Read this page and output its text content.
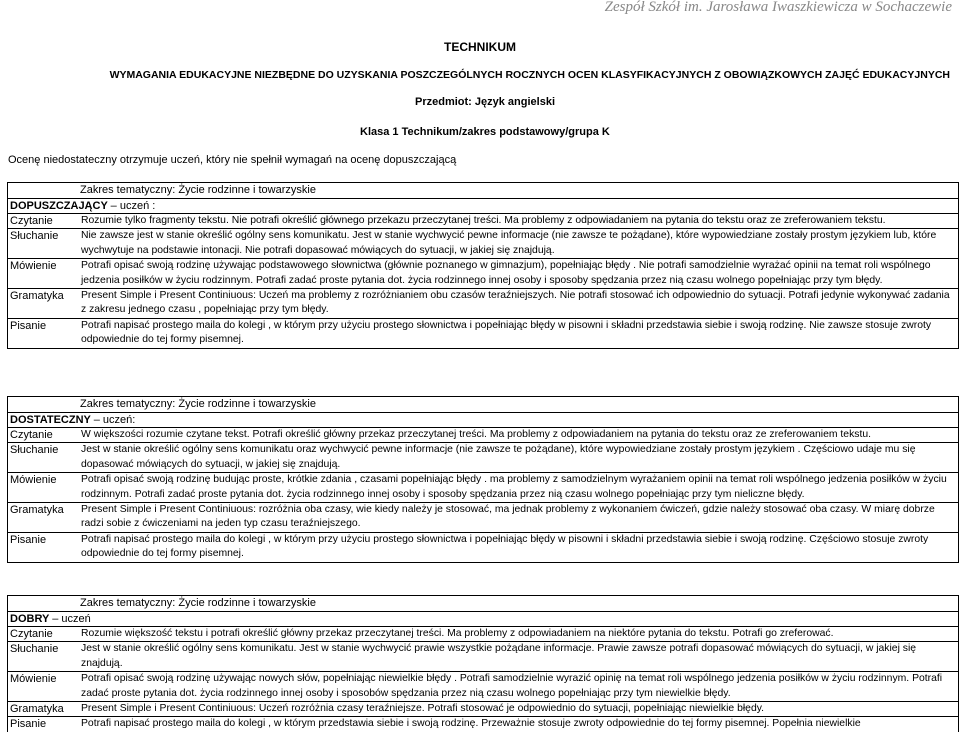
Zespół Szkół im. Jarosława Iwaszkiewicza w Sochaczewie
TECHNIKUM
WYMAGANIA EDUKACYJNE NIEZBĘDNE DO UZYSKANIA POSZCZEGÓLNYCH ROCZNYCH OCEN KLASYFIKACYJNYCH Z OBOWIĄZKOWYCH ZAJĘĆ EDUKACYJNYCH
Przedmiot: Język angielski
Klasa 1 Technikum/zakres podstawowy/grupa K
Ocenę niedostateczny otrzymuje uczeń, który nie spełnił wymagań na ocenę dopuszczającą
Zakres tematyczny: Życie rodzinne i towarzyskie
DOPUSZCZAJĄCY – uczeń :
Czytanie	Rozumie tylko fragmenty tekstu. Nie potrafi określić głównego przekazu przeczytanej treści. Ma problemy z odpowiadaniem na pytania do tekstu oraz ze zreferowaniem tekstu.
Słuchanie	Nie zawsze jest w stanie określić ogólny sens komunikatu. Jest w stanie wychwycić pewne informacje (nie zawsze te pożądane), które wypowiedziane zostały prostym językiem lub, które wychwytuje na podstawie intonacji. Nie potrafi dopasować mówiących do sytuacji, w jakiej się znajdują.
Mówienie	Potrafi opisać swoją rodzinę używając podstawowego słownictwa (głównie poznanego w gimnazjum), popełniając błędy . Nie potrafi samodzielnie wyrażać opinii na temat roli wspólnego jedzenia posiłków w życiu rodzinnym. Potrafi zadać proste pytania dot. życia rodzinnego innej osoby i sposoby spędzania przez nią czasu wolnego popełniając przy tym błędy.
Gramatyka	Present Simple i Present Continiuous: Uczeń ma problemy z rozróżnianiem obu czasów teraźniejszych. Nie potrafi stosować ich odpowiednio do sytuacji. Potrafi jedynie wykonywać zadania z zakresu jednego czasu , popełniając przy tym błędy.
Pisanie	Potrafi napisać prostego maila do kolegi , w którym przy użyciu prostego słownictwa i popełniając błędy w pisowni i składni przedstawia siebie i swoją rodzinę. Nie zawsze stosuje zwroty odpowiednie do tej formy pisemnej.
Zakres tematyczny: Życie rodzinne i towarzyskie
DOSTATECZNY – uczeń:
Czytanie	W większości rozumie czytane tekst. Potrafi określić główny przekaz przeczytanej treści. Ma problemy z odpowiadaniem na pytania do tekstu oraz ze zreferowaniem tekstu.
Słuchanie	Jest w stanie określić ogólny sens komunikatu oraz wychwycić pewne informacje (nie zawsze te pożądane), które wypowiedziane zostały prostym językiem . Częściowo udaje mu się dopasować mówiących do sytuacji, w jakiej się znajdują.
Mówienie	Potrafi opisać swoją rodzinę budując proste, krótkie zdania , czasami popełniając błędy . ma problemy z samodzielnym wyrażaniem opinii na temat roli wspólnego jedzenia posiłków w życiu rodzinnym. Potrafi zadać proste pytania dot. życia rodzinnego innej osoby i sposoby spędzania przez nią czasu wolnego popełniając przy tym nieliczne błędy.
Gramatyka	Present Simple i Present Continiuous: rozróżnia oba czasy, wie kiedy należy je stosować, ma jednak problemy z wykonaniem ćwiczeń, gdzie należy stosować oba czasy. W miarę dobrze radzi sobie z ćwiczeniami na jeden typ czasu teraźniejszego.
Pisanie	Potrafi napisać prostego maila do kolegi , w którym przy użyciu prostego słownictwa i popełniając błędy w pisowni i składni przedstawia siebie i swoją rodzinę. Częściowo stosuje zwroty odpowiednie do tej formy pisemnej.
Zakres tematyczny: Życie rodzinne i towarzyskie
DOBRY – uczeń
Czytanie	Rozumie większość tekstu i potrafi określić główny przekaz przeczytanej treści. Ma problemy z odpowiadaniem na niektóre pytania do tekstu. Potrafi go zreferować.
Słuchanie	Jest w stanie określić ogólny sens komunikatu. Jest w stanie wychwycić prawie wszystkie pożądane informacje. Prawie zawsze potrafi dopasować mówiących do sytuacji, w jakiej się znajdują.
Mówienie	Potrafi opisać swoją rodzinę używając nowych słów, popełniając niewielkie błędy . Potrafi samodzielnie wyrazić opinię na temat roli wspólnego jedzenia posiłków w życiu rodzinnym. Potrafi zadać proste pytania dot. życia rodzinnego innej osoby i sposobów spędzania przez nią czasu wolnego popełniając przy tym niewielkie błędy.
Gramatyka	Present Simple i Present Continiuous: Uczeń rozróżnia czasy teraźniejsze. Potrafi stosować je odpowiednio do sytuacji, popełniając niewielkie błędy.
Pisanie	Potrafi napisać prostego maila do kolegi , w którym przedstawia siebie i swoją rodzinę. Przeważnie stosuje zwroty odpowiednie do tej formy pisemnej. Popełnia niewielkie
